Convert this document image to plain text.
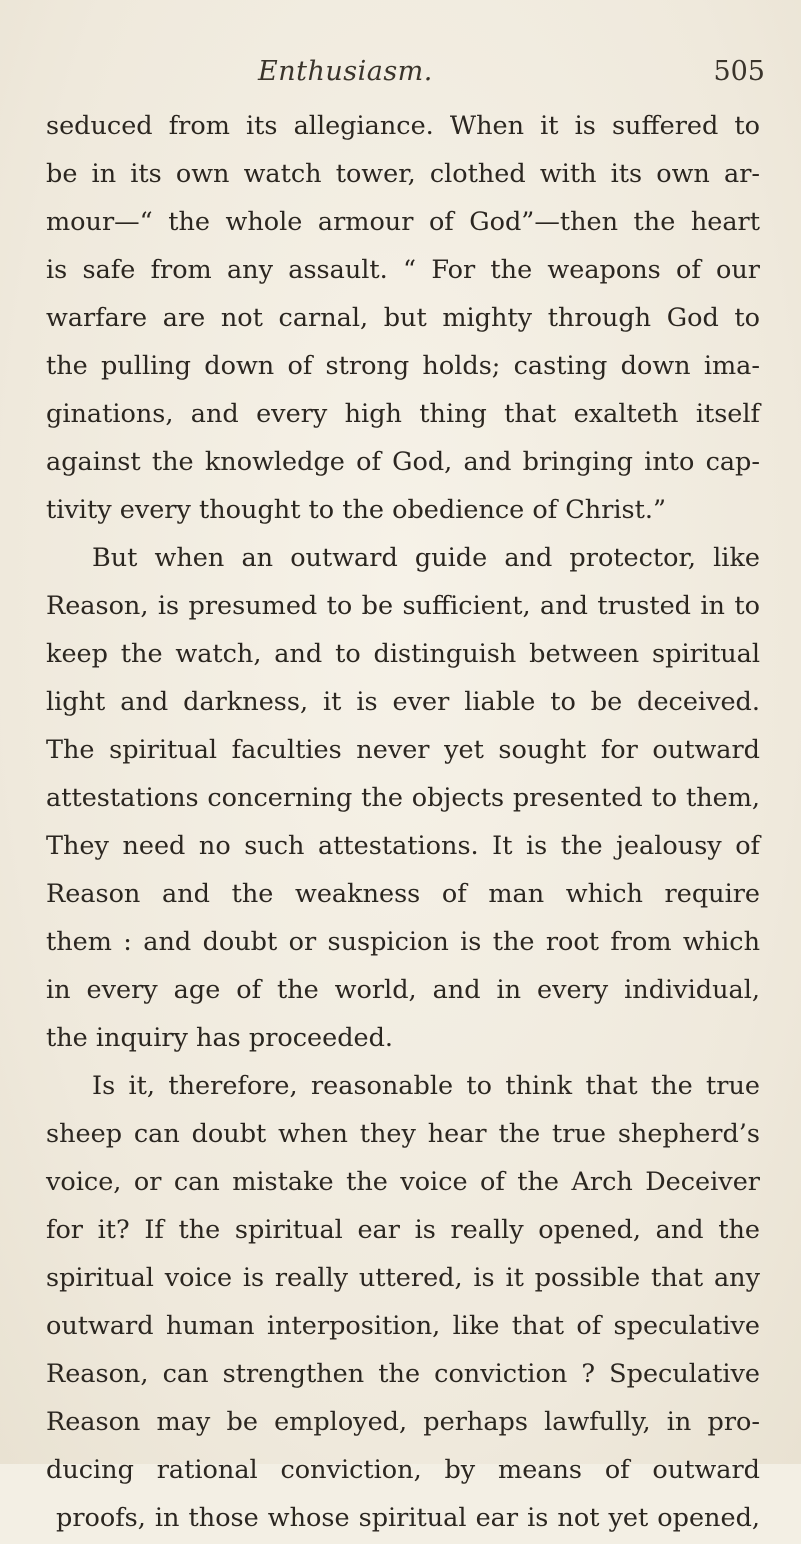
Enthusiasm.	505
seduced from its allegiance. When it is suffered to
be in its own watch tower, clothed with its own ar-
mour—“ the whole armour of God”—then the heart
is safe from any assault. “ For the weapons of our
warfare are not carnal, but mighty through God to
the pulling down of strong holds; casting down ima-
ginations, and every high thing that exalteth itself
against the knowledge of God, and bringing into cap-
tivity every thought to the obedience of Christ.”
But when an outward guide and protector, like
Reason, is presumed to be sufficient, and trusted in to
keep the watch, and to distinguish between spiritual
light and darkness, it is ever liable to be deceived.
The spiritual faculties never yet sought for outward
attestations concerning the objects presented to them,
They need no such attestations. It is the jealousy of
Reason and the weakness of man which require
them : and doubt or suspicion is the root from which
in every age of the world, and in every individual,
the inquiry has proceeded.
Is it, therefore, reasonable to think that the true
sheep can doubt when they hear the true shepherd’s
voice, or can mistake the voice of the Arch Deceiver
for it? If the spiritual ear is really opened, and the
spiritual voice is really uttered, is it possible that any
outward human interposition, like that of speculative
Reason, can strengthen the conviction ? Speculative
Reason may be employed, perhaps lawfully, in pro-
ducing rational conviction, by means of outward
proofs, in those whose spiritual ear is not yet opened,
